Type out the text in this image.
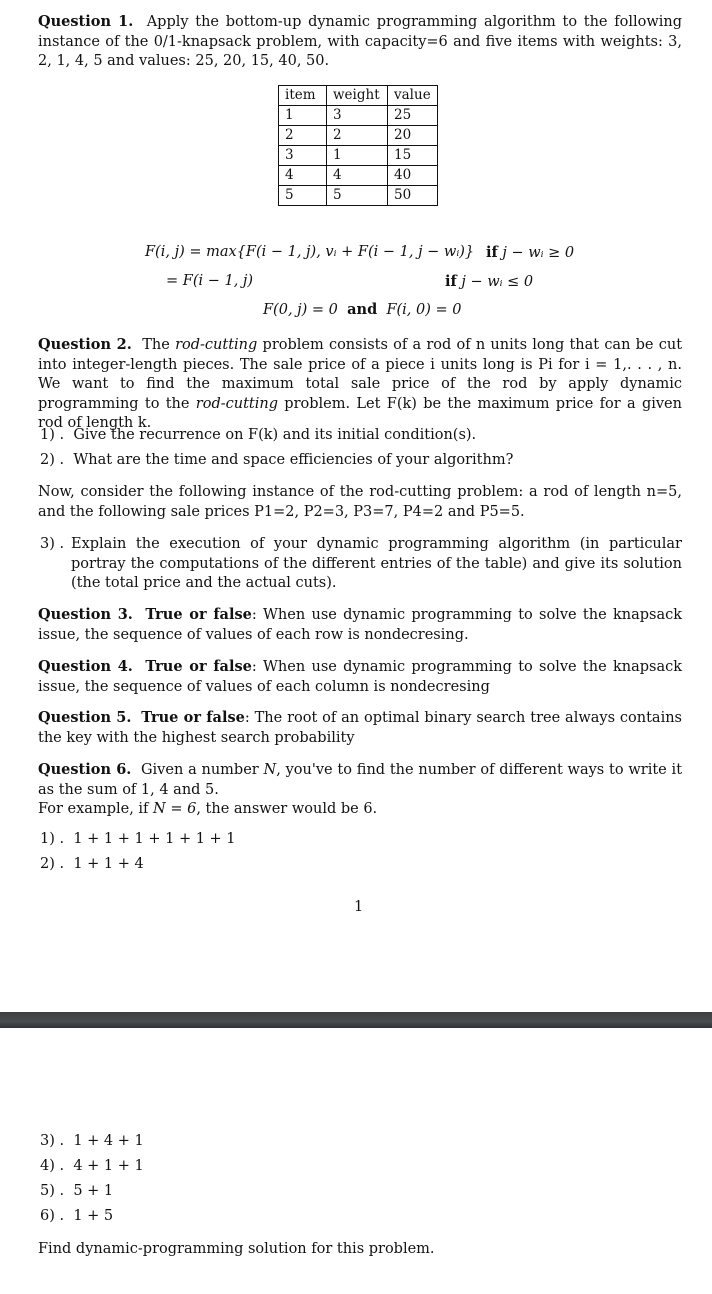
Question 1. Apply the bottom-up dynamic programming algorithm to the following instance of the 0/1-knapsack problem, with capacity=6 and five items with weights: 3, 2, 1, 4, 5 and values: 25, 20, 15, 40, 50.
item	weight	value
1	3	25
2	2	20
3	1	15
4	4	40
5	5	50
F(i, j) = max{F(i − 1, j), vᵢ + F(i − 1, j − wᵢ)} if j − wᵢ ≥ 0
= F(i − 1, j)	if j − wᵢ ≤ 0
F(0, j) = 0 and F(i, 0) = 0
Question 2. The rod-cutting problem consists of a rod of n units long that can be cut into integer-length pieces. The sale price of a piece i units long is Pi for i = 1,. . . , n. We want to find the maximum total sale price of the rod by apply dynamic programming to the rod-cutting problem. Let F(k) be the maximum price for a given rod of length k.
1) . Give the recurrence on F(k) and its initial condition(s).
2) . What are the time and space efficiencies of your algorithm?
Now, consider the following instance of the rod-cutting problem: a rod of length n=5, and the following sale prices P1=2, P2=3, P3=7, P4=2 and P5=5.
3) . Explain the execution of your dynamic programming algorithm (in particular portray the computations of the different entries of the table) and give its solution (the total price and the actual cuts).
Question 3. True or false: When use dynamic programming to solve the knapsack issue, the sequence of values of each row is nondecresing.
Question 4. True or false: When use dynamic programming to solve the knapsack issue, the sequence of values of each column is nondecresing
Question 5. True or false: The root of an optimal binary search tree always contains the key with the highest search probability
Question 6. Given a number N, you've to find the number of different ways to write it as the sum of 1, 4 and 5.
For example, if N = 6, the answer would be 6.
1) . 1 + 1 + 1 + 1 + 1 + 1
2) . 1 + 1 + 4
1
3) . 1 + 4 + 1
4) . 4 + 1 + 1
5) . 5 + 1
6) . 1 + 5
Find dynamic-programming solution for this problem.
